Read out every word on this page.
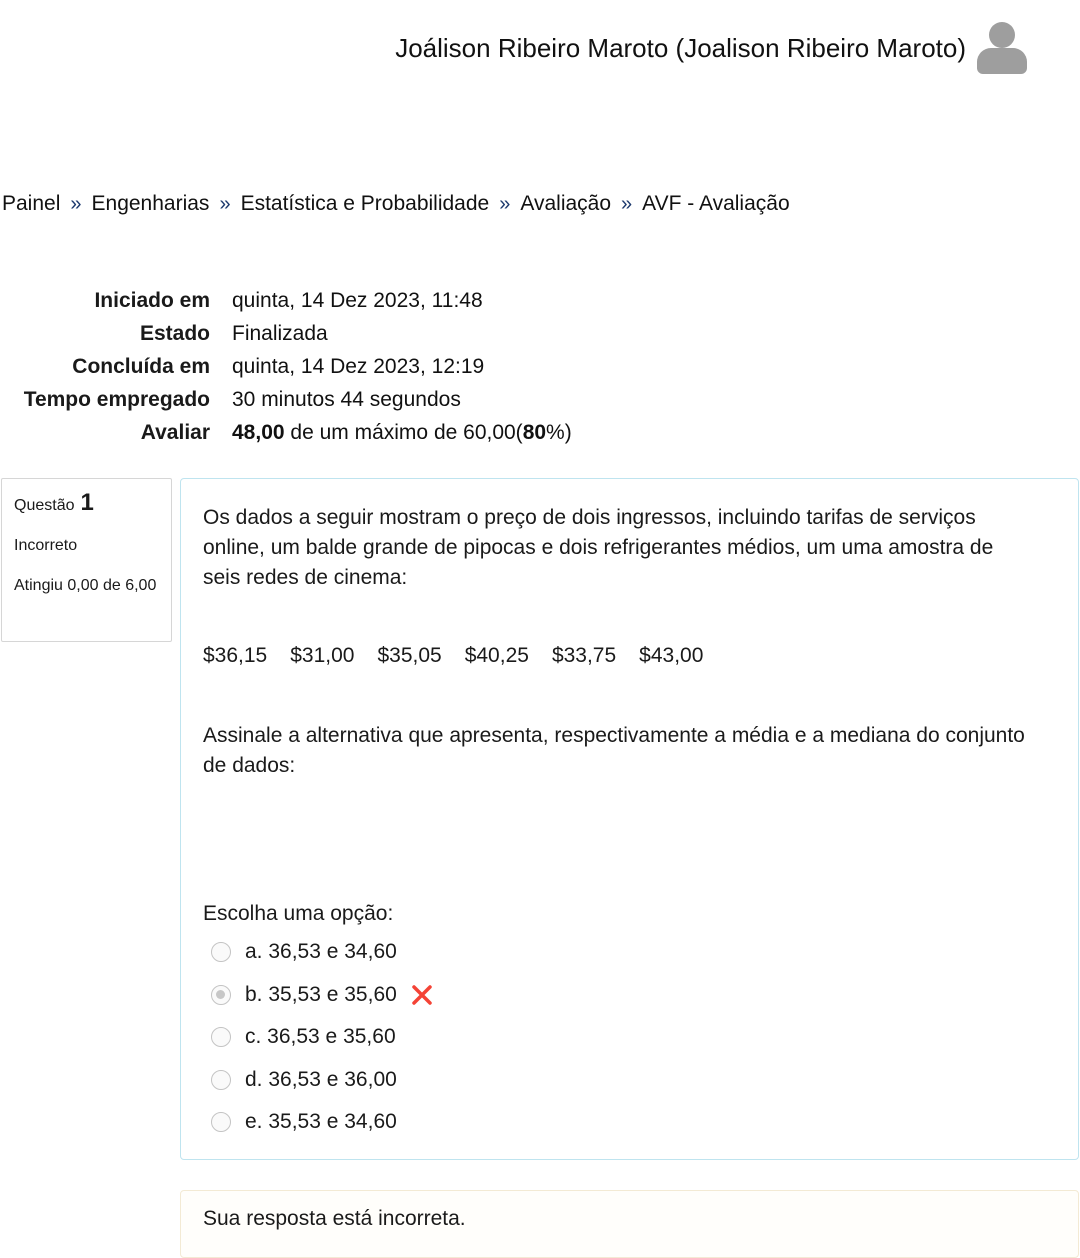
Joálison Ribeiro Maroto (Joalison Ribeiro Maroto)
Painel » Engenharias » Estatística e Probabilidade » Avaliação » AVF - Avaliação
Iniciado em	quinta, 14 Dez 2023, 11:48
Estado	Finalizada
Concluída em	quinta, 14 Dez 2023, 12:19
Tempo empregado	30 minutos 44 segundos
Avaliar	48,00 de um máximo de 60,00(80%)
Questão 1
Incorreto
Atingiu 0,00 de 6,00
Os dados a seguir mostram o preço de dois ingressos, incluindo tarifas de serviços online, um balde grande de pipocas e dois refrigerantes médios, um uma amostra de seis redes de cinema:
$36,15 $31,00 $35,05 $40,25 $33,75 $43,00
Assinale a alternativa que apresenta, respectivamente a média e a mediana do conjunto de dados:
Escolha uma opção:
a. 36,53 e 34,60
b. 35,53 e 35,60
c. 36,53 e 35,60
d. 36,53 e 36,00
e. 35,53 e 34,60
Sua resposta está incorreta.
